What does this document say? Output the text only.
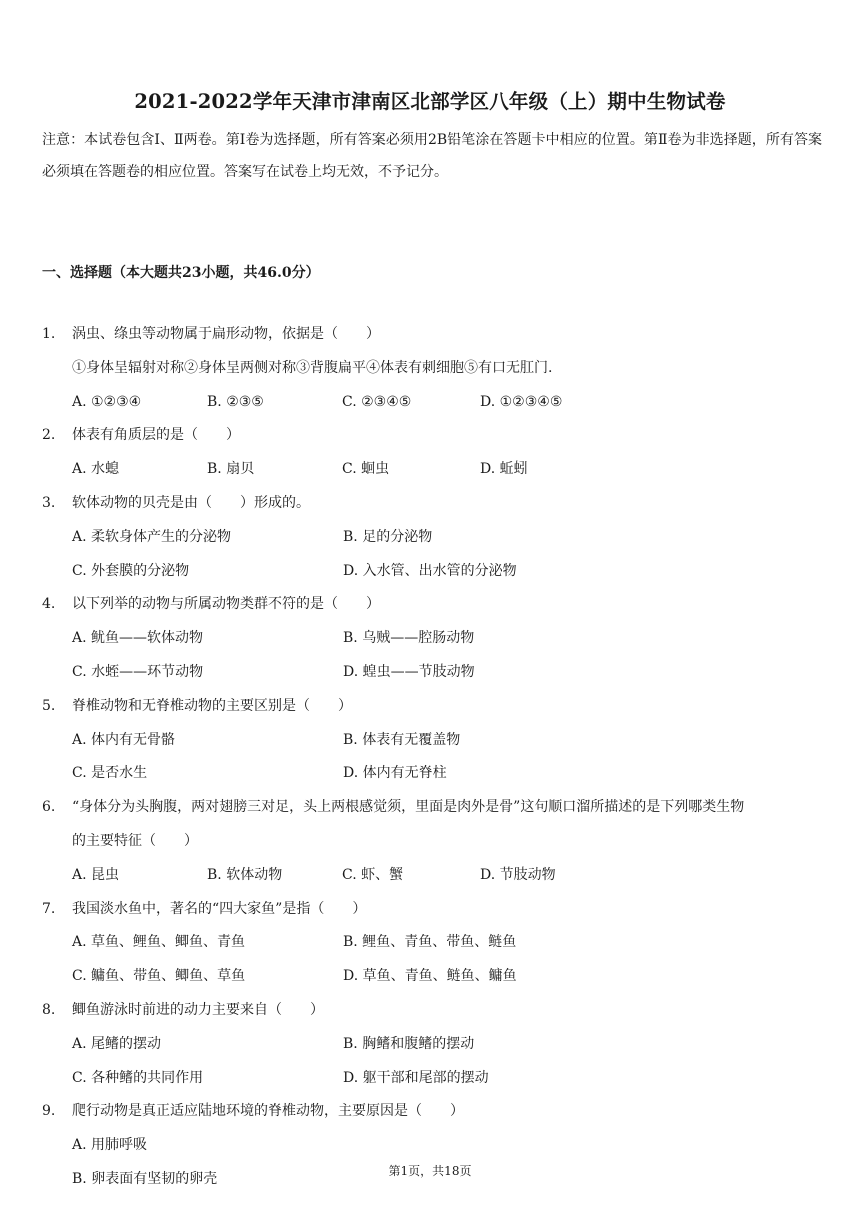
2021-2022学年天津市津南区北部学区八年级（上）期中生物试卷
注意：本试卷包含Ⅰ、Ⅱ两卷。第Ⅰ卷为选择题，所有答案必须用2B铅笔涂在答题卡中相应的位置。第Ⅱ卷为非选择题，所有答案必须填在答题卷的相应位置。答案写在试卷上均无效，不予记分。
一、选择题（本大题共23小题，共46.0分）
1. 涡虫、绦虫等动物属于扁形动物，依据是（　　）
①身体呈辐射对称②身体呈两侧对称③背腹扁平④体表有刺细胞⑤有口无肛门.
A. ①②③④	B. ②③⑤	C. ②③④⑤	D. ①②③④⑤
2. 体表有角质层的是（　　）
A. 水螅	B. 扇贝	C. 蛔虫	D. 蚯蚓
3. 软体动物的贝壳是由（　　）形成的。
A. 柔软身体产生的分泌物	B. 足的分泌物
C. 外套膜的分泌物	D. 入水管、出水管的分泌物
4. 以下列举的动物与所属动物类群不符的是（　　）
A. 鱿鱼——软体动物	B. 乌贼——腔肠动物
C. 水蛭——环节动物	D. 蝗虫——节肢动物
5. 脊椎动物和无脊椎动物的主要区别是（　　）
A. 体内有无骨骼	B. 体表有无覆盖物
C. 是否水生	D. 体内有无脊柱
6. “身体分为头胸腹，两对翅膀三对足，头上两根感觉须，里面是肉外是骨”这句顺口溜所描述的是下列哪类生物
的主要特征（　　）
A. 昆虫	B. 软体动物	C. 虾、蟹	D. 节肢动物
7. 我国淡水鱼中，著名的“四大家鱼”是指（　　）
A. 草鱼、鲤鱼、鲫鱼、青鱼	B. 鲤鱼、青鱼、带鱼、鲢鱼
C. 鳙鱼、带鱼、鲫鱼、草鱼	D. 草鱼、青鱼、鲢鱼、鳙鱼
8. 鲫鱼游泳时前进的动力主要来自（　　）
A. 尾鳍的摆动	B. 胸鳍和腹鳍的摆动
C. 各种鳍的共同作用	D. 躯干部和尾部的摆动
9. 爬行动物是真正适应陆地环境的脊椎动物，主要原因是（　　）
A. 用肺呼吸
B. 卵表面有坚韧的卵壳	第1页，共18页
